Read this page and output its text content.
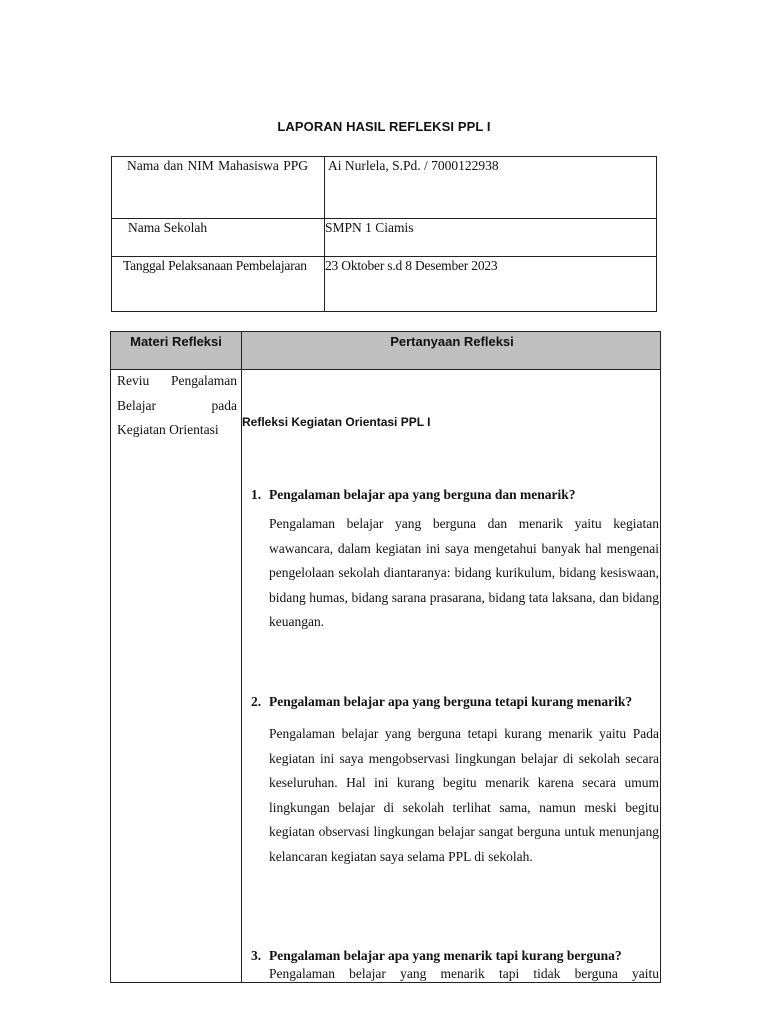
LAPORAN HASIL REFLEKSI PPL I
Nama dan NIM Mahasiswa PPG Ai Nurlela, S.Pd. / 7000122938
Nama Sekolah	SMPN 1 Ciamis
Tanggal Pelaksanaan Pembelajaran 23 Oktober s.d 8 Desember 2023
Materi Refleksi	Pertanyaan Refleksi
Reviu Pengalaman
Belajar pada
Kegiatan Orientasi	Refleksi Kegiatan Orientasi PPL I
1. Pengalaman belajar apa yang berguna dan menarik?
Pengalaman belajar yang berguna dan menarik yaitu kegiatan wawancara, dalam kegiatan ini saya mengetahui banyak hal mengenai pengelolaan sekolah diantaranya: bidang kurikulum, bidang kesiswaan, bidang humas, bidang sarana prasarana, bidang tata laksana, dan bidang keuangan.
2. Pengalaman belajar apa yang berguna tetapi kurang menarik?
Pengalaman belajar yang berguna tetapi kurang menarik yaitu Pada kegiatan ini saya mengobservasi lingkungan belajar di sekolah secara keseluruhan. Hal ini kurang begitu menarik karena secara umum lingkungan belajar di sekolah terlihat sama, namun meski begitu kegiatan observasi lingkungan belajar sangat berguna untuk menunjang kelancaran kegiatan saya selama PPL di sekolah.
3. Pengalaman belajar apa yang menarik tapi kurang berguna?
Pengalaman belajar yang menarik tapi tidak berguna yaitu
